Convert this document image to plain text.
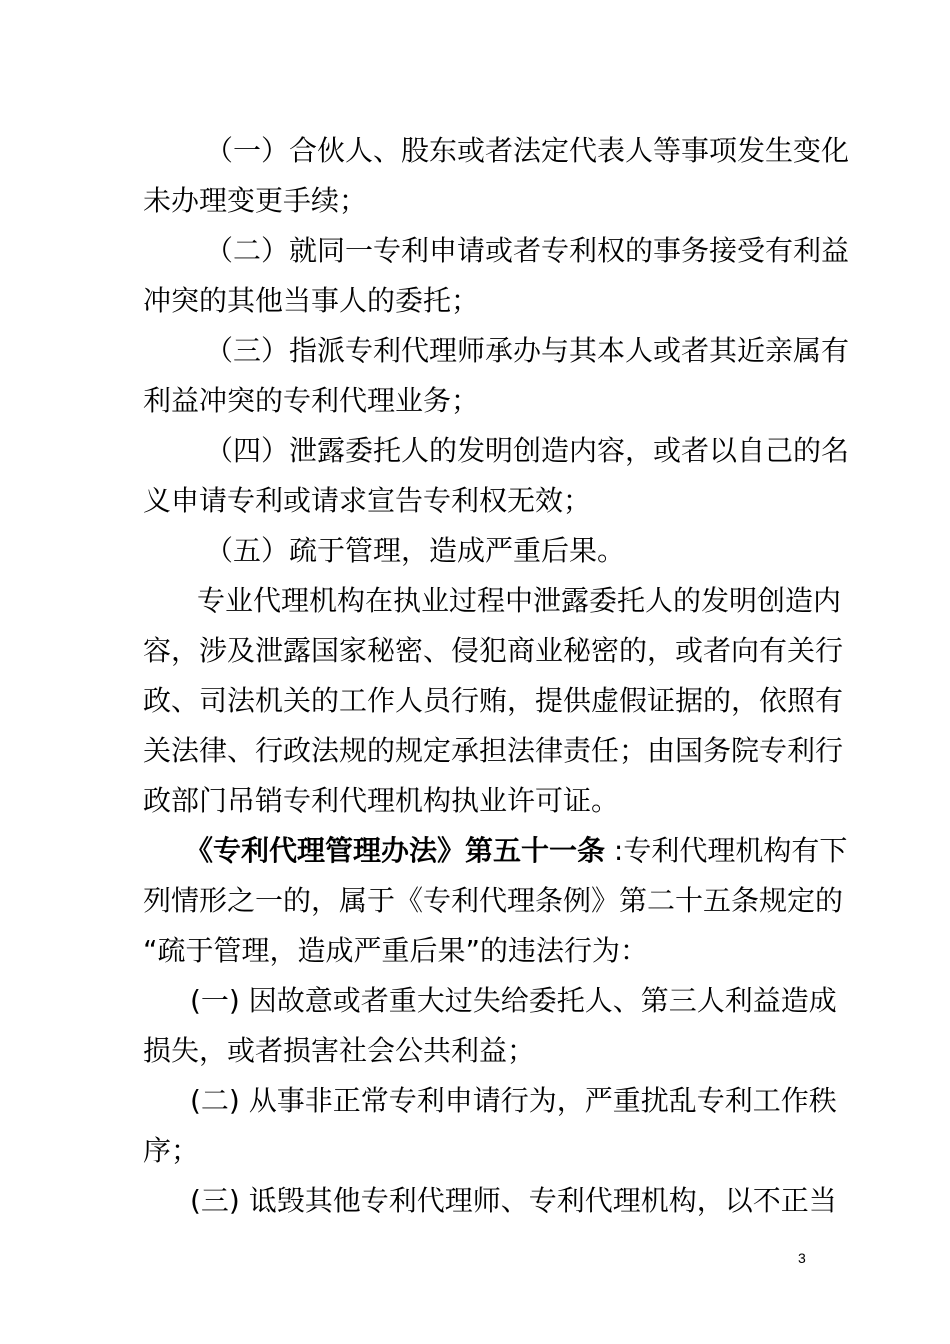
（一）合伙人、股东或者法定代表人等事项发生变化
未办理变更手续；
（二）就同一专利申请或者专利权的事务接受有利益
冲突的其他当事人的委托；
（三）指派专利代理师承办与其本人或者其近亲属有
利益冲突的专利代理业务；
（四）泄露委托人的发明创造内容，或者以自己的名
义申请专利或请求宣告专利权无效；
（五）疏于管理，造成严重后果。
专业代理机构在执业过程中泄露委托人的发明创造内
容，涉及泄露国家秘密、侵犯商业秘密的，或者向有关行
政、司法机关的工作人员行贿，提供虚假证据的，依照有
关法律、行政法规的规定承担法律责任；由国务院专利行
政部门吊销专利代理机构执业许可证。
《专利代理管理办法》第五十一条 :专利代理机构有下
列情形之一的，属于《专利代理条例》第二十五条规定的
“疏于管理，造成严重后果”的违法行为：
(一) 因故意或者重大过失给委托人、第三人利益造成
损失，或者损害社会公共利益；
(二) 从事非正常专利申请行为，严重扰乱专利工作秩
序；
(三) 诋毁其他专利代理师、专利代理机构，以不正当
3
